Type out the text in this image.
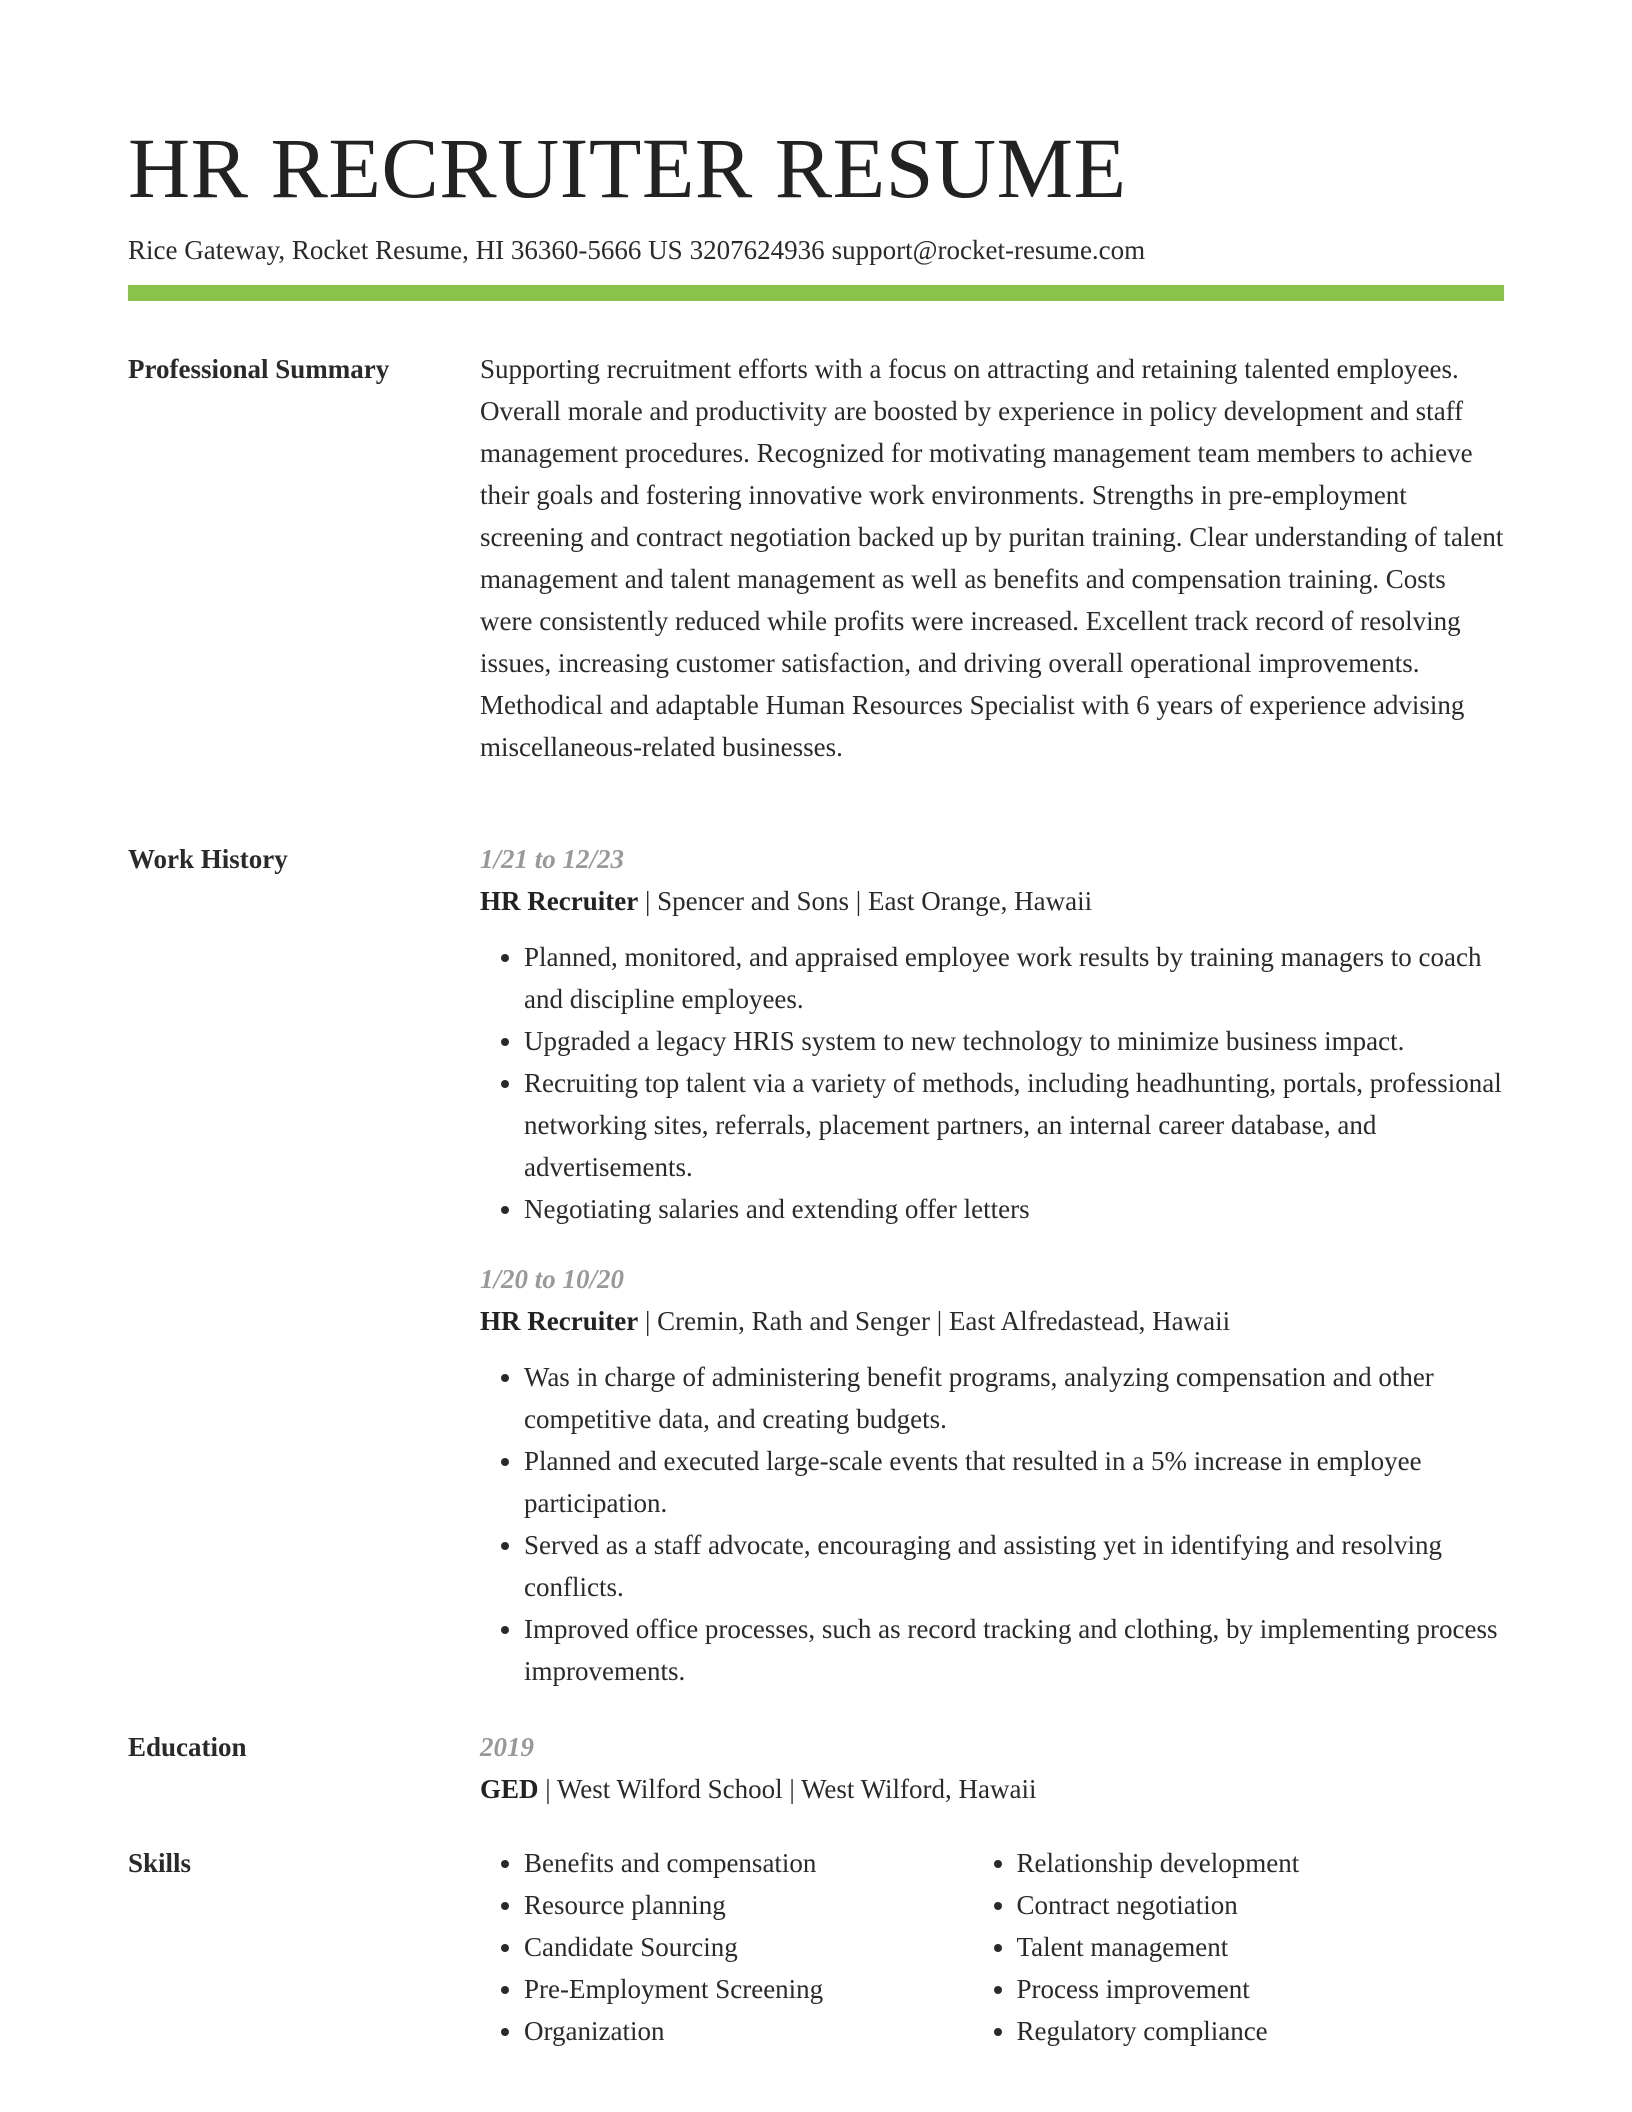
HR RECRUITER RESUME
Rice Gateway, Rocket Resume, HI 36360-5666 US 3207624936 support@rocket-resume.com
Professional Summary	Supporting recruitment efforts with a focus on attracting and retaining talented employees. Overall morale and productivity are boosted by experience in policy development and staff management procedures. Recognized for motivating management team members to achieve their goals and fostering innovative work environments. Strengths in pre-employment screening and contract negotiation backed up by puritan training. Clear understanding of talent management and talent management as well as benefits and compensation training. Costs were consistently reduced while profits were increased. Excellent track record of resolving issues, increasing customer satisfaction, and driving overall operational improvements. Methodical and adaptable Human Resources Specialist with 6 years of experience advising miscellaneous-related businesses.

Work History	1/21 to 12/23

HR Recruiter | Spencer and Sons | East Orange, Hawaii

• Planned, monitored, and appraised employee work results by training managers to coach and discipline employees.
• Upgraded a legacy HRIS system to new technology to minimize business impact.
• Recruiting top talent via a variety of methods, including headhunting, portals, professional networking sites, referrals, placement partners, an internal career database, and advertisements.
• Negotiating salaries and extending offer letters

1/20 to 10/20

HR Recruiter | Cremin, Rath and Senger | East Alfredastead, Hawaii

• Was in charge of administering benefit programs, analyzing compensation and other competitive data, and creating budgets.
• Planned and executed large-scale events that resulted in a 5% increase in employee participation.
• Served as a staff advocate, encouraging and assisting yet in identifying and resolving conflicts.
• Improved office processes, such as record tracking and clothing, by implementing process improvements.
Education	2019

GED | West Wilford School | West Wilford, Hawaii

Skills
•	Benefits and compensation
• Resource planning
• Candidate Sourcing
• Pre-Employment Screening
• Organization
• Relationship development
• Contract negotiation
• Talent management
• Process improvement
• Regulatory compliance
